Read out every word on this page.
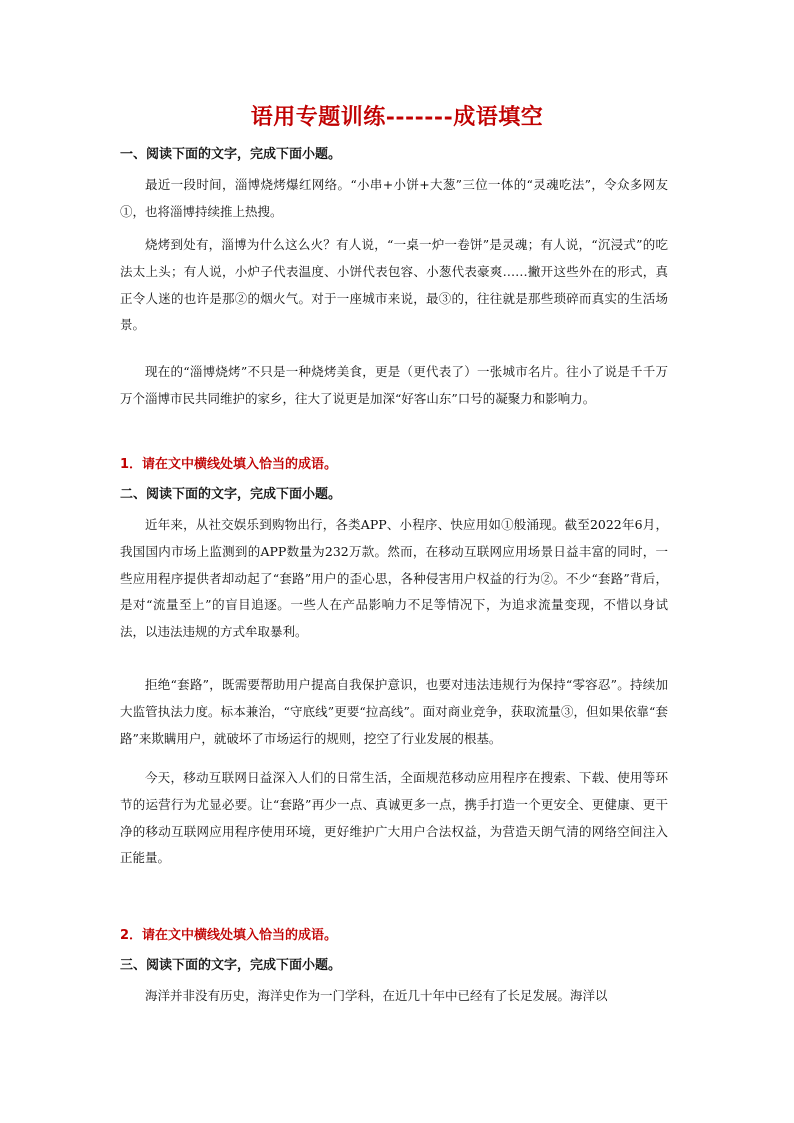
语用专题训练-------成语填空
一、阅读下面的文字，完成下面小题。
最近一段时间，淄博烧烤爆红网络。“小串+小饼+大葱”三位一体的“灵魂吃法”，令众多网友①，也将淄博持续推上热搜。
烧烤到处有，淄博为什么这么火？有人说，“一桌一炉一卷饼”是灵魂；有人说，“沉浸式”的吃法太上头；有人说，小炉子代表温度、小饼代表包容、小葱代表豪爽……撇开这些外在的形式，真正令人迷的也许是那②的烟火气。对于一座城市来说，最③的，往往就是那些琐碎而真实的生活场景。
现在的“淄博烧烤”不只是一种烧烤美食，更是（更代表了）一张城市名片。往小了说是千千万万个淄博市民共同维护的家乡，往大了说更是加深“好客山东”口号的凝聚力和影响力。
1．请在文中横线处填入恰当的成语。
二、阅读下面的文字，完成下面小题。
近年来，从社交娱乐到购物出行，各类APP、小程序、快应用如①般涌现。截至2022年6月，我国国内市场上监测到的APP数量为232万款。然而，在移动互联网应用场景日益丰富的同时，一些应用程序提供者却动起了“套路”用户的歪心思，各种侵害用户权益的行为②。不少“套路”背后，是对“流量至上”的盲目追逐。一些人在产品影响力不足等情况下，为追求流量变现，不惜以身试法，以违法违规的方式牟取暴利。
拒绝“套路”，既需要帮助用户提高自我保护意识，也要对违法违规行为保持“零容忍”。持续加大监管执法力度。标本兼治，“守底线”更要“拉高线”。面对商业竞争，获取流量③，但如果依靠“套路”来欺瞒用户，就破坏了市场运行的规则，挖空了行业发展的根基。
今天，移动互联网日益深入人们的日常生活，全面规范移动应用程序在搜索、下载、使用等环节的运营行为尤显必要。让“套路”再少一点、真诚更多一点，携手打造一个更安全、更健康、更干净的移动互联网应用程序使用环境，更好维护广大用户合法权益，为营造天朗气清的网络空间注入正能量。
2．请在文中横线处填入恰当的成语。
三、阅读下面的文字，完成下面小题。
海洋并非没有历史，海洋史作为一门学科，在近几十年中已经有了长足发展。海洋以
